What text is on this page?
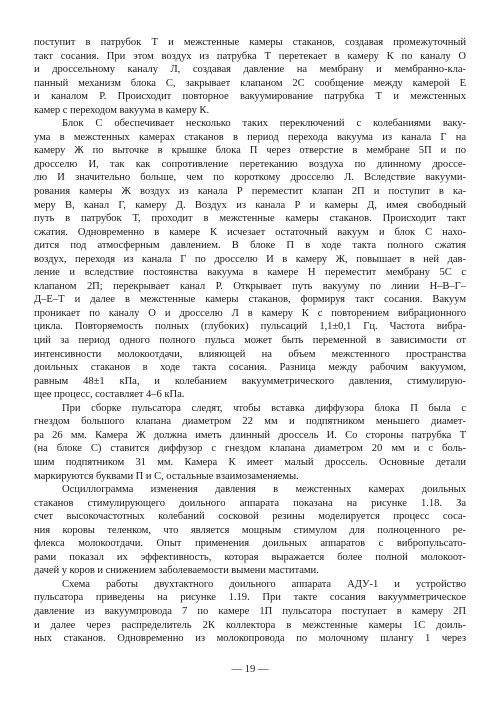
поступит в патрубок Т и межстенные камеры стаканов, создавая промежуточный
такт сосания. При этом воздух из патрубка Т перетекает в камеру К по каналу О
и дроссельному каналу Л, создавая давление на мембрану и мембранно-кла-
панный механизм блока С, закрывает клапаном 2С сообщение между камерой Е
и каналом Р. Происходит повторное вакуумирование патрубка Т и межстенных
камер с переходом вакуума в камеру К.

Блок С обеспечивает несколько таких переключений с колебаниями ваку-
ума в межстенных камерах стаканов в период перехода вакуума из канала Г на
камеру Ж по выточке в крышке блока П через отверстие в мембране 5П и по
дросселю И, так как сопротивление перетеканию воздуха по длинному дроссе-
лю И значительно больше, чем по короткому дросселю Л. Вследствие вакууми-
рования камеры Ж воздух из канала Р переместит клапан 2П и поступит в ка-
меру В, канал Г, камеру Д. Воздух из канала Р и камеры Д, имея свободный
путь в патрубок Т, проходит в межстенные камеры стаканов. Происходит такт
сжатия. Одновременно в камере К исчезает остаточный вакуум и блок С нахо-
дится под атмосферным давлением. В блоке П в ходе такта полного сжатия
воздух, переходя из канала Г по дросселю И в камеру Ж, повышает в ней дав-
ление и вследствие постоянства вакуума в камере Н переместит мембрану 5С с
клапаном 2П; перекрывает канал Р. Открывает путь вакууму по линии Н–В–Г–
Д–Е–Т и далее в межстенные камеры стаканов, формируя такт сосания. Вакуум
проникает по каналу О и дросселю Л в камеру К с повторением вибрационного
цикла. Повторяемость полных (глубоких) пульсаций 1,1±0,1 Гц. Частота вибра-
ций за период одного полного пульса может быть переменной в зависимости от
интенсивности молокоотдачи, влияющей на объем межстенного пространства
доильных стаканов в ходе такта сосания. Разница между рабочим вакуумом,
равным 48±1 кПа, и колебанием вакуумметрического давления, стимулирую-
щее процесс, составляет 4–6 кПа.

При сборке пульсатора следят, чтобы вставка диффузора блока П была с
гнездом большого клапана диаметром 22 мм и подпятником меньшего диамет-
ра 26 мм. Камера Ж должна иметь длинный дроссель И. Со стороны патрубка Т
(на блоке С) ставится диффузор с гнездом клапана диаметром 20 мм и с боль-
шим подпятником 31 мм. Камера К имеет малый дроссель. Основные детали
маркируются буквами П и С, остальные взаимозаменяемы.

Осциллограмма изменения давления в межстенных камерах доильных
стаканов стимулирующего доильного аппарата показана на рисунке 1.18. За
счет высокочастотных колебаний сосковой резины моделируется процесс соса-
ния коровы теленком, что является мощным стимулом для полноценного ре-
флекса молокоотдачи. Опыт применения доильных аппаратов с вибропульсато-
рами показал их эффективность, которая выражается более полной молокоот-
дачей у коров и снижением заболеваемости вымени маститами.

Схема работы двухтактного доильного аппарата АДУ-1 и устройство
пульсатора приведены на рисунке 1.19. При такте сосания вакуумметрическое
давление из вакуумпровода 7 по камере 1П пульсатора поступает в камеру 2П
и далее через распределитель 2К коллектора в межстенные камеры 1С доиль-
ных стаканов. Одновременно из молокопровода по молочному шлангу 1 через

— 19 —
